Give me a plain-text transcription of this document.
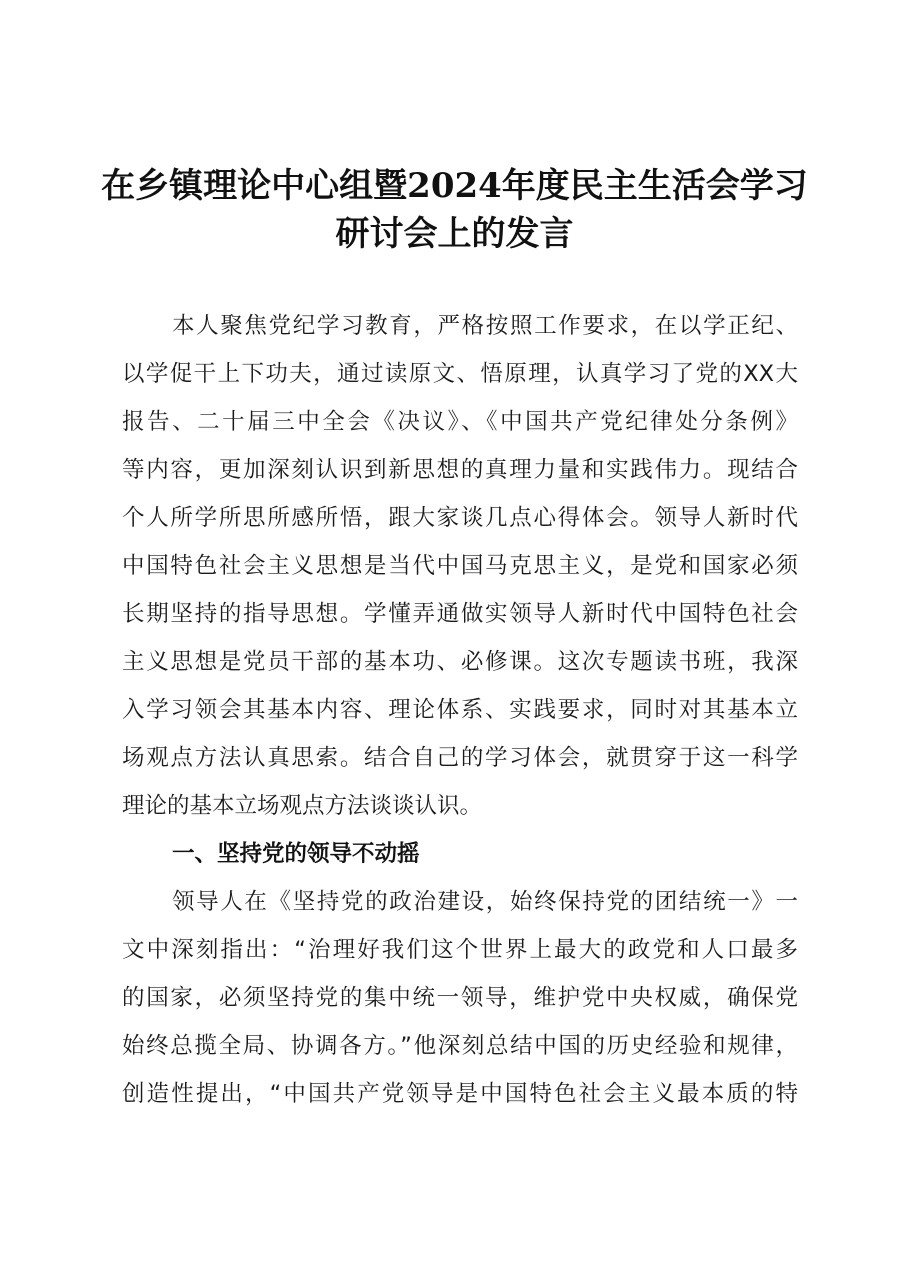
在乡镇理论中心组暨2024年度民主生活会学习
研讨会上的发言
本人聚焦党纪学习教育，严格按照工作要求，在以学正纪、
以学促干上下功夫，通过读原文、悟原理，认真学习了党的XX大
报告、二十届三中全会《决议》、《中国共产党纪律处分条例》
等内容，更加深刻认识到新思想的真理力量和实践伟力。现结合
个人所学所思所感所悟，跟大家谈几点心得体会。领导人新时代
中国特色社会主义思想是当代中国马克思主义，是党和国家必须
长期坚持的指导思想。学懂弄通做实领导人新时代中国特色社会
主义思想是党员干部的基本功、必修课。这次专题读书班，我深
入学习领会其基本内容、理论体系、实践要求，同时对其基本立
场观点方法认真思索。结合自己的学习体会，就贯穿于这一科学
理论的基本立场观点方法谈谈认识。
一、坚持党的领导不动摇
领导人在《坚持党的政治建设，始终保持党的团结统一》一
文中深刻指出：“治理好我们这个世界上最大的政党和人口最多
的国家，必须坚持党的集中统一领导，维护党中央权威，确保党
始终总揽全局、协调各方。”他深刻总结中国的历史经验和规律，
创造性提出，“中国共产党领导是中国特色社会主义最本质的特
